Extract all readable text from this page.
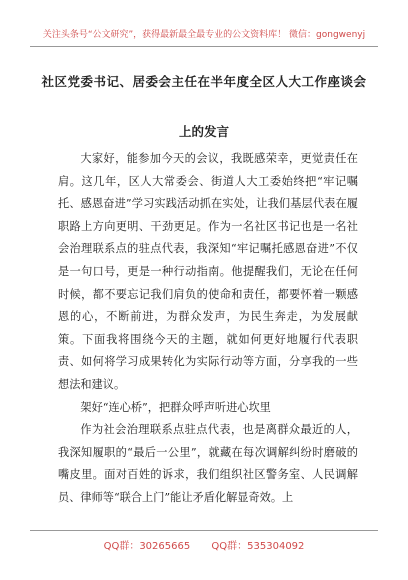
关注头条号“公文研究”，获得最新最全最专业的公文资料库！ 微信：gongwenyj
社区党委书记、居委会主任在半年度全区人大工作座谈会
上的发言

大家好，能参加今天的会议，我既感荣幸，更觉责任在肩。这几年，区人大常委会、街道人大工委始终把“牢记嘱托、感恩奋进”学习实践活动抓在实处，让我们基层代表在履职路上方向更明、干劲更足。作为一名社区书记也是一名社会治理联系点的驻点代表，我深知“牢记嘱托感恩奋进”不仅是一句口号，更是一种行动指南。他提醒我们，无论在任何时候，都不要忘记我们肩负的使命和责任，都要怀着一颗感恩的心，不断前进，为群众发声，为民生奔走，为发展献策。下面我将围绕今天的主题，就如何更好地履行代表职责、如何将学习成果转化为实际行动等方面，分享我的一些想法和建议。

架好“连心桥”，把群众呼声听进心坎里

作为社会治理联系点驻点代表，也是离群众最近的人，我深知履职的“最后一公里”，就藏在每次调解纠纷时磨破的嘴皮里。面对百姓的诉求，我们组织社区警务室、人民调解员、律师等“联合上门”能让矛盾化解显奇效。上

QQ群：30265665 QQ群：535304092
